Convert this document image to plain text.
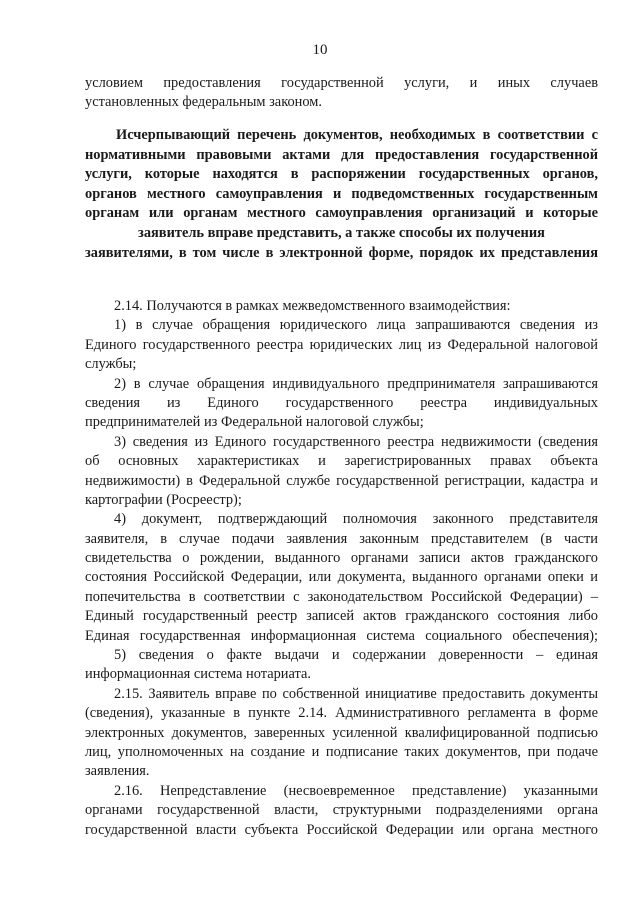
10
условием предоставления государственной услуги, и иных случаев
установленных федеральным законом.
Исчерпывающий перечень документов, необходимых в соответствии с
нормативными правовыми актами для предоставления государственной
услуги, которые находятся в распоряжении государственных органов,
органов местного самоуправления и подведомственных государственным
органам или органам местного самоуправления организаций и которые
заявитель вправе представить, а также способы их получения
заявителями, в том числе в электронной форме, порядок их представления
2.14. Получаются в рамках межведомственного взаимодействия:
1) в случае обращения юридического лица запрашиваются сведения из
Единого государственного реестра юридических лиц из Федеральной налоговой
службы;
2) в случае обращения индивидуального предпринимателя запрашиваются
сведения из Единого государственного реестра индивидуальных
предпринимателей из Федеральной налоговой службы;
3) сведения из Единого государственного реестра недвижимости (сведения
об основных характеристиках и зарегистрированных правах объекта
недвижимости) в Федеральной службе государственной регистрации, кадастра и
картографии (Росреестр);
4) документ, подтверждающий полномочия законного представителя
заявителя, в случае подачи заявления законным представителем (в части
свидетельства о рождении, выданного органами записи актов гражданского
состояния Российской Федерации, или документа, выданного органами опеки и
попечительства в соответствии с законодательством Российской Федерации) –
Единый государственный реестр записей актов гражданского состояния либо
Единая государственная информационная система социального обеспечения);
5) сведения о факте выдачи и содержании доверенности – единая
информационная система нотариата.
2.15. Заявитель вправе по собственной инициативе предоставить документы
(сведения), указанные в пункте 2.14. Административного регламента в форме
электронных документов, заверенных усиленной квалифицированной подписью
лиц, уполномоченных на создание и подписание таких документов, при подаче
заявления.
2.16. Непредставление (несвоевременное представление) указанными
органами государственной власти, структурными подразделениями органа
государственной власти субъекта Российской Федерации или органа местного
